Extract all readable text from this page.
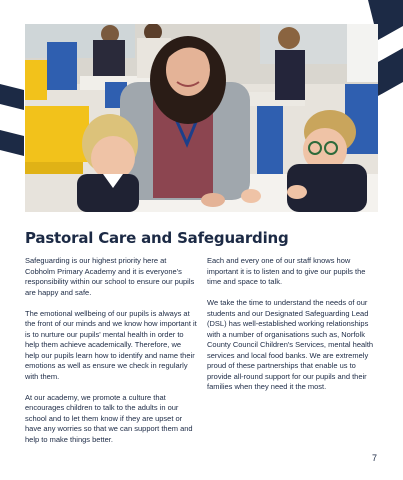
Pastoral Care and Safeguarding

Safeguarding is our highest priority here at Cobholm Primary Academy and it is everyone's responsibility within our school to ensure our pupils are happy and safe.

The emotional wellbeing of our pupils is always at the front of our minds and we know how important it is to nurture our pupils' mental health in order to help them achieve academically. Therefore, we help our pupils learn how to identify and name their emotions as well as ensure we check in regularly with them.

At our academy, we promote a culture that encourages children to talk to the adults in our school and to let them know if they are upset or have any worries so that we can support them and help to make things better.

Each and every one of our staff knows how important it is to listen and to give our pupils the time and space to talk.

We take the time to understand the needs of our students and our Designated Safeguarding Lead (DSL) has well-established working relationships with a number of organisations such as, Norfolk County Council Children's Services, mental health services and local food banks. We are extremely proud of these partnerships that enable us to provide all-round support for our pupils and their families when they need it the most.

7
